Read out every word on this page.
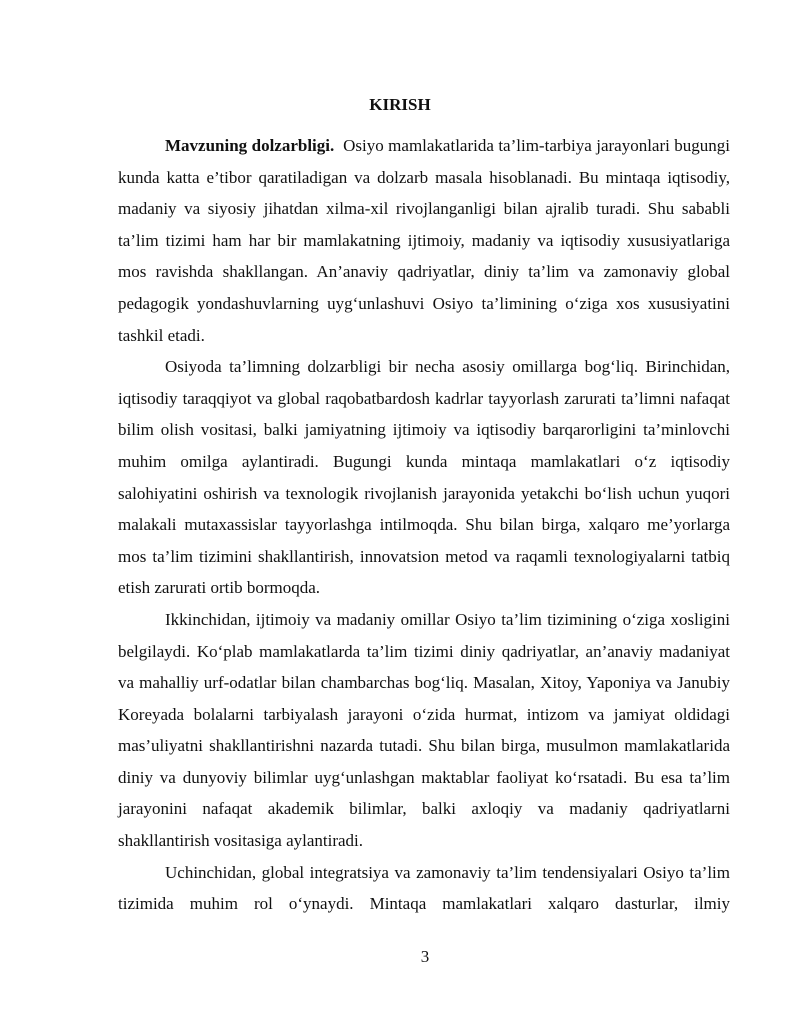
KIRISH

Mavzuning dolzarbligi.  Osiyo mamlakatlarida ta’lim-tarbiya jarayonlari bugungi kunda katta e’tibor qaratiladigan va dolzarb masala hisoblanadi. Bu mintaqa iqtisodiy, madaniy va siyosiy jihatdan xilma-xil rivojlanganligi bilan ajralib turadi. Shu sababli ta’lim tizimi ham har bir mamlakatning ijtimoiy, madaniy va iqtisodiy xususiyatlariga mos ravishda shakllangan. An’anaviy qadriyatlar, diniy ta’lim va zamonaviy global pedagogik yondashuvlarning uyg‘unlashuvi Osiyo ta’limining o‘ziga xos xususiyatini tashkil etadi.

Osiyoda ta’limning dolzarbligi bir necha asosiy omillarga bog‘liq. Birinchidan, iqtisodiy taraqqiyot va global raqobatbardosh kadrlar tayyorlash zarurati ta’limni nafaqat bilim olish vositasi, balki jamiyatning ijtimoiy va iqtisodiy barqarorligini ta’minlovchi muhim omilga aylantiradi. Bugungi kunda mintaqa mamlakatlari o‘z iqtisodiy salohiyatini oshirish va texnologik rivojlanish jarayonida yetakchi bo‘lish uchun yuqori malakali mutaxassislar tayyorlashga intilmoqda. Shu bilan birga, xalqaro me’yorlarga mos ta’lim tizimini shakllantirish, innovatsion metod va raqamli texnologiyalarni tatbiq etish zarurati ortib bormoqda.

Ikkinchidan, ijtimoiy va madaniy omillar Osiyo ta’lim tizimining o‘ziga xosligini belgilaydi. Ko‘plab mamlakatlarda ta’lim tizimi diniy qadriyatlar, an’anaviy madaniyat va mahalliy urf-odatlar bilan chambarchas bog‘liq. Masalan, Xitoy, Yaponiya va Janubiy Koreyada bolalarni tarbiyalash jarayoni o‘zida hurmat, intizom va jamiyat oldidagi mas’uliyatni shakllantirishni nazarda tutadi. Shu bilan birga, musulmon mamlakatlarida diniy va dunyoviy bilimlar uyg‘unlashgan maktablar faoliyat ko‘rsatadi. Bu esa ta’lim jarayonini nafaqat akademik bilimlar, balki axloqiy va madaniy qadriyatlarni shakllantirish vositasiga aylantiradi.

Uchinchidan, global integratsiya va zamonaviy ta’lim tendensiyalari Osiyo ta’lim tizimida muhim rol o‘ynaydi. Mintaqa mamlakatlari xalqaro dasturlar, ilmiy

3
